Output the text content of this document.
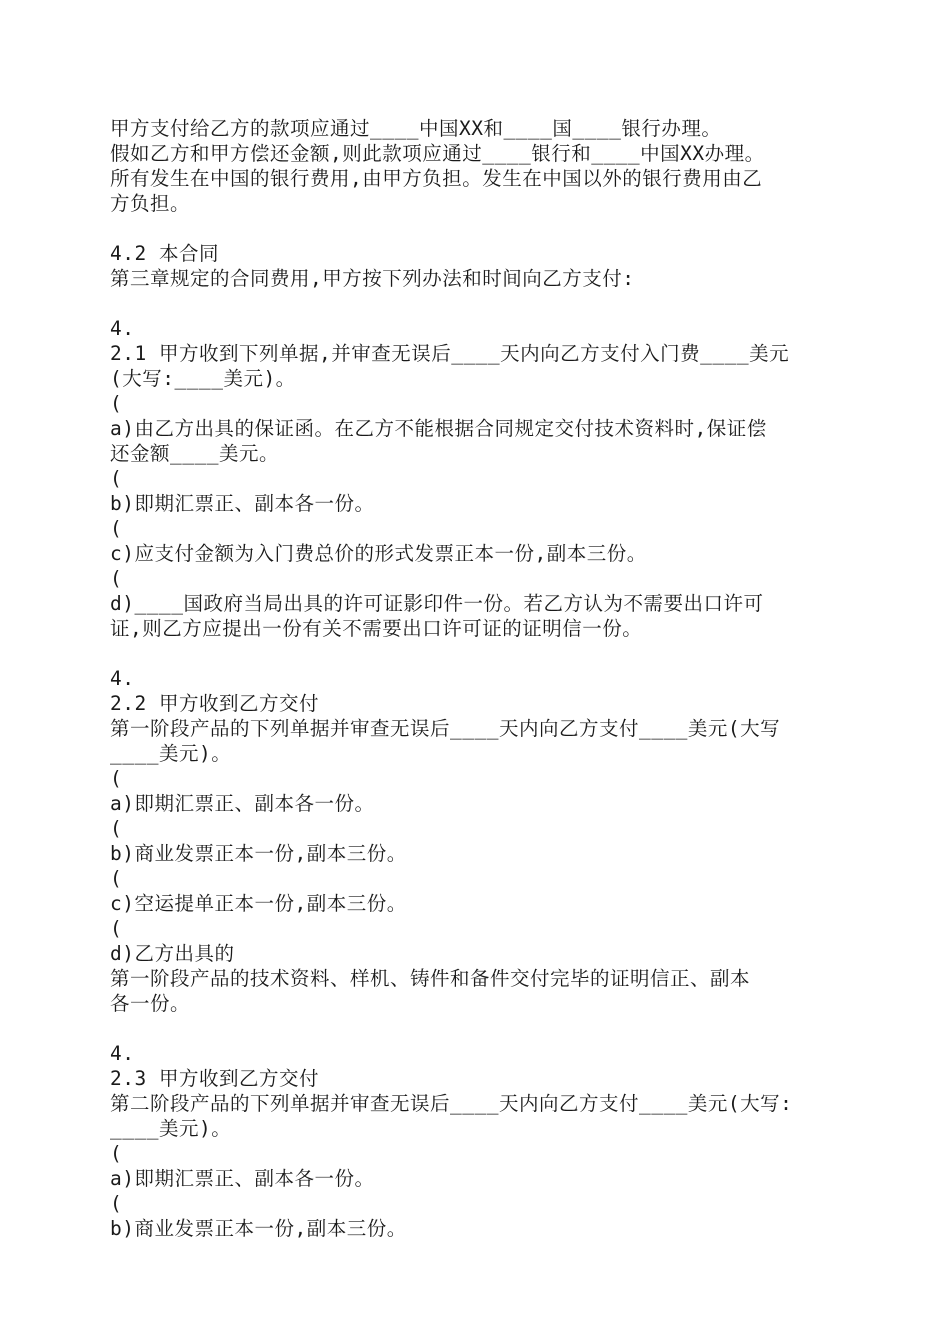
甲方支付给乙方的款项应通过____中国XX和____国____银行办理。
假如乙方和甲方偿还金额,则此款项应通过____银行和____中国XX办理。
所有发生在中国的银行费用,由甲方负担。发生在中国以外的银行费用由乙
方负担。
4.2 本合同
第三章规定的合同费用,甲方按下列办法和时间向乙方支付:
4.
2.1 甲方收到下列单据,并审查无误后____天内向乙方支付入门费____美元
(大写:____美元)。
(
a)由乙方出具的保证函。在乙方不能根据合同规定交付技术资料时,保证偿
还金额____美元。
(
b)即期汇票正、副本各一份。
(
c)应支付金额为入门费总价的形式发票正本一份,副本三份。
(
d)____国政府当局出具的许可证影印件一份。若乙方认为不需要出口许可
证,则乙方应提出一份有关不需要出口许可证的证明信一份。
4.
2.2 甲方收到乙方交付
第一阶段产品的下列单据并审查无误后____天内向乙方支付____美元(大写
____美元)。
(
a)即期汇票正、副本各一份。
(
b)商业发票正本一份,副本三份。
(
c)空运提单正本一份,副本三份。
(
d)乙方出具的
第一阶段产品的技术资料、样机、铸件和备件交付完毕的证明信正、副本
各一份。
4.
2.3 甲方收到乙方交付
第二阶段产品的下列单据并审查无误后____天内向乙方支付____美元(大写:
____美元)。
(
a)即期汇票正、副本各一份。
(
b)商业发票正本一份,副本三份。
